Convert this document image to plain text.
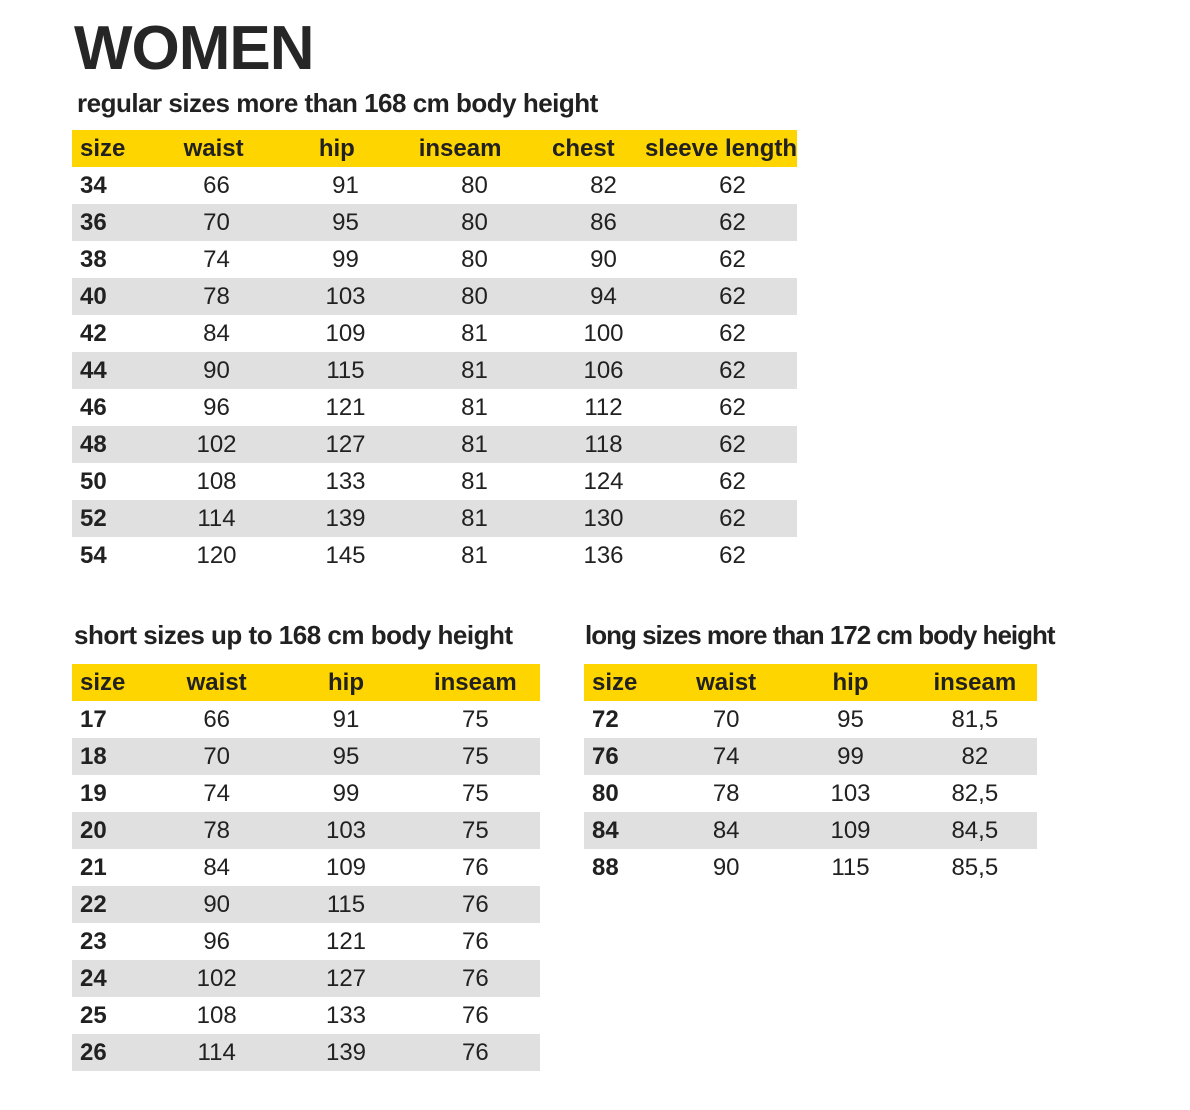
WOMEN
regular sizes more than 168 cm body height
size	waist	hip	inseam	chest	sleeve length
34	66	91	80	82	62
36	70	95	80	86	62
38	74	99	80	90	62
40	78	103	80	94	62
42	84	109	81	100	62
44	90	115	81	106	62
46	96	121	81	112	62
48	102	127	81	118	62
50	108	133	81	124	62
52	114	139	81	130	62
54	120	145	81	136	62
short sizes up to 168 cm body height
size	waist	hip	inseam
17	66	91	75
18	70	95	75
19	74	99	75
20	78	103	75
21	84	109	76
22	90	115	76
23	96	121	76
24	102	127	76
25	108	133	76
26	114	139	76
long sizes more than 172 cm body height
size	waist	hip	inseam
72	70	95	81,5
76	74	99	82
80	78	103	82,5
84	84	109	84,5
88	90	115	85,5
